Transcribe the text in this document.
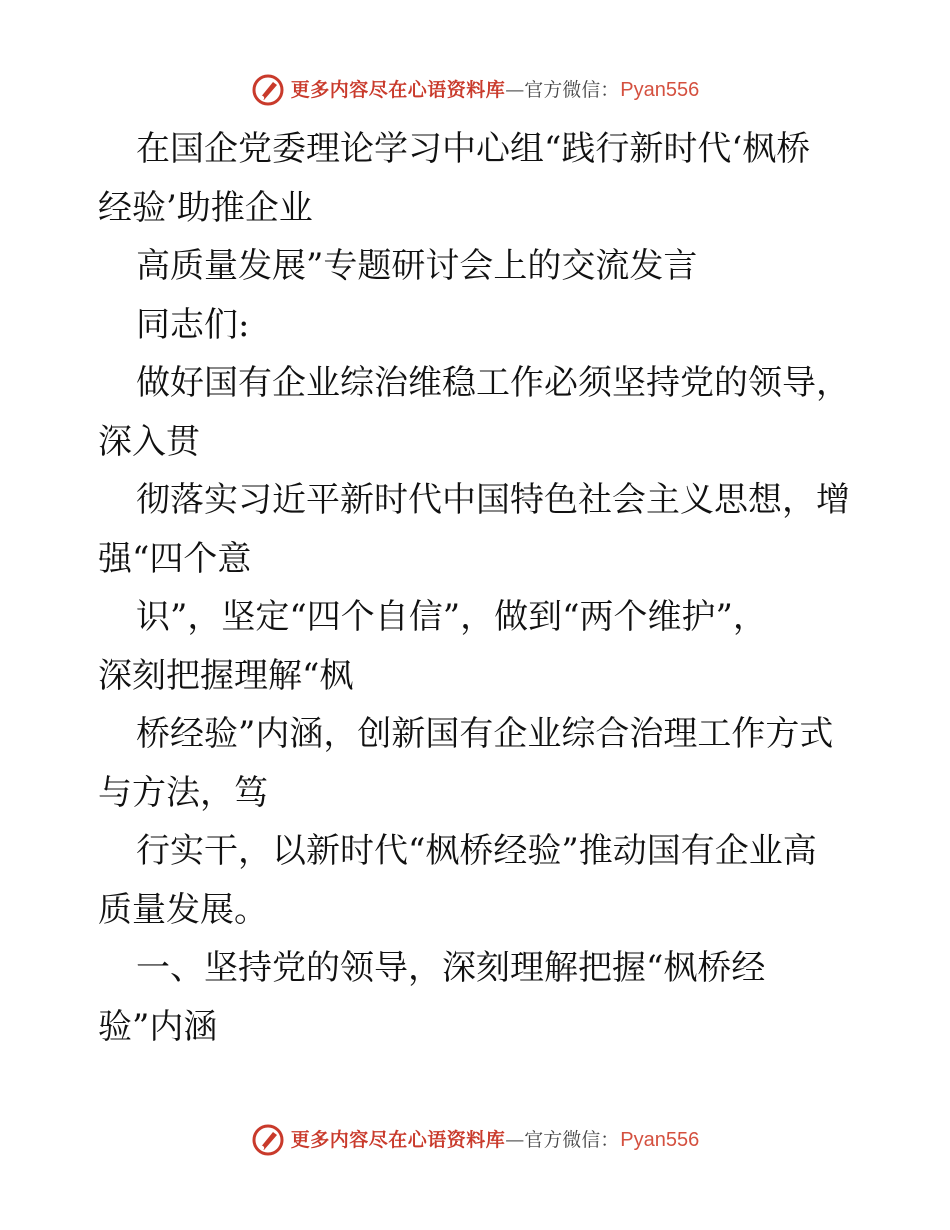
更多内容尽在心语资料库 — 官方微信： Pyan556
在国企党委理论学习中心组“践行新时代‘枫桥
经验’助推企业
高质量发展”专题研讨会上的交流发言
同志们:
做好国有企业综治维稳工作必须坚持党的领导，
深入贯
彻落实习近平新时代中国特色社会主义思想，增
强“四个意
识”，坚定“四个自信”，做到“两个维护”，
深刻把握理解“枫
桥经验”内涵，创新国有企业综合治理工作方式
与方法，笃
行实干，以新时代“枫桥经验”推动国有企业高
质量发展。
一、坚持党的领导，深刻理解把握“枫桥经
验”内涵
更多内容尽在心语资料库 — 官方微信： Pyan556
